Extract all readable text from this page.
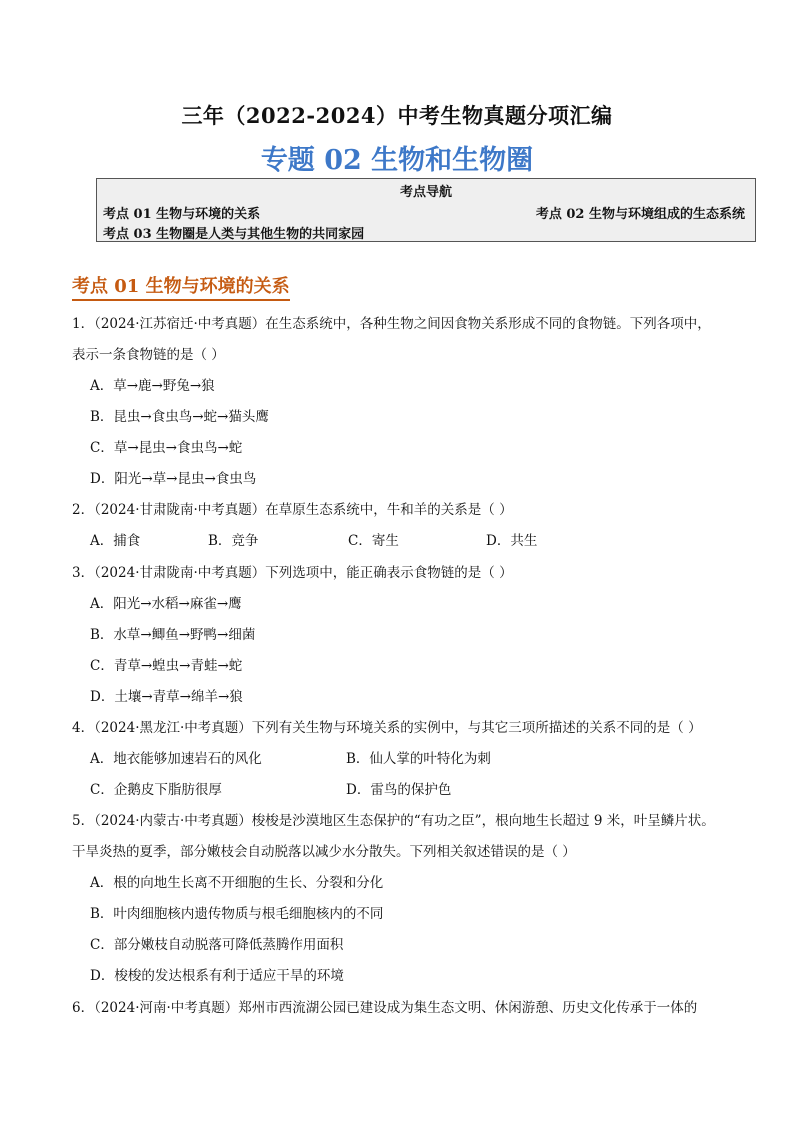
三年（2022-2024）中考生物真题分项汇编
专题 02 生物和生物圈
考点导航
考点 01 生物与环境的关系	考点 02 生物与环境组成的生态系统
考点 03 生物圈是人类与其他生物的共同家园
考点 01 生物与环境的关系
1．（2024·江苏宿迁·中考真题）在生态系统中，各种生物之间因食物关系形成不同的食物链。下列各项中，
表示一条食物链的是（ ）
A．草→鹿→野兔→狼
B．昆虫→食虫鸟→蛇→猫头鹰
C．草→昆虫→食虫鸟→蛇
D．阳光→草→昆虫→食虫鸟
2．（2024·甘肃陇南·中考真题）在草原生态系统中，牛和羊的关系是（ ）
A．捕食	B．竞争	C．寄生	D．共生
3．（2024·甘肃陇南·中考真题）下列选项中，能正确表示食物链的是（ ）
A．阳光→水稻→麻雀→鹰
B．水草→鲫鱼→野鸭→细菌
C．青草→蝗虫→青蛙→蛇
D．土壤→青草→绵羊→狼
4．（2024·黑龙江·中考真题）下列有关生物与环境关系的实例中，与其它三项所描述的关系不同的是（ ）
A．地衣能够加速岩石的风化	B．仙人掌的叶特化为刺
C．企鹅皮下脂肪很厚	D．雷鸟的保护色
5．（2024·内蒙古·中考真题）梭梭是沙漠地区生态保护的“有功之臣”，根向地生长超过 9 米，叶呈鳞片状。
干旱炎热的夏季，部分嫩枝会自动脱落以减少水分散失。下列相关叙述错误的是（ ）
A．根的向地生长离不开细胞的生长、分裂和分化
B．叶肉细胞核内遗传物质与根毛细胞核内的不同
C．部分嫩枝自动脱落可降低蒸腾作用面积
D．梭梭的发达根系有利于适应干旱的环境
6．（2024·河南·中考真题）郑州市西流湖公园已建设成为集生态文明、休闲游憩、历史文化传承于一体的
